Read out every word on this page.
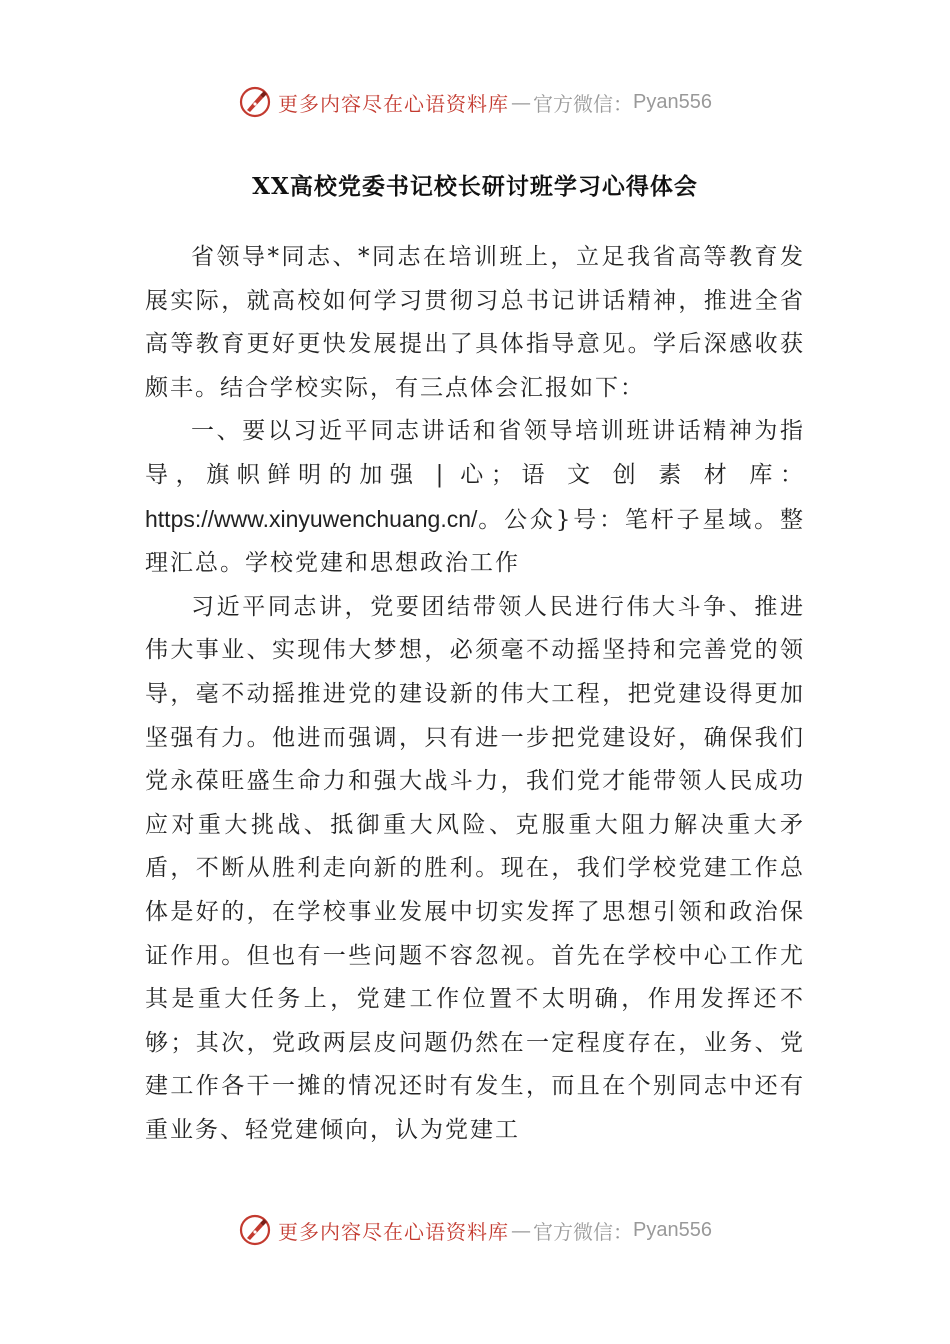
更多内容尽在心语资料库 — 官方微信： Pyan556
XX高校党委书记校长研讨班学习心得体会

省领导*同志、*同志在培训班上，立足我省高等教育发展实际，就高校如何学习贯彻习总书记讲话精神，推进全省高等教育更好更快发展提出了具体指导意见。学后深感收获颇丰。结合学校实际，有三点体会汇报如下：

一、要以习近平同志讲话和省领导培训班讲话精神为指导，旗帜鲜明的加强 | 心；语 文 创 素 材 库： https://www.xinyuwenchuang.cn/。公众}号：笔杆子星域。整理汇总。学校党建和思想政治工作

习近平同志讲，党要团结带领人民进行伟大斗争、推进伟大事业、实现伟大梦想，必须毫不动摇坚持和完善党的领导，毫不动摇推进党的建设新的伟大工程，把党建设得更加坚强有力。他进而强调，只有进一步把党建设好，确保我们党永葆旺盛生命力和强大战斗力，我们党才能带领人民成功应对重大挑战、抵御重大风险、克服重大阻力解决重大矛盾，不断从胜利走向新的胜利。现在，我们学校党建工作总体是好的，在学校事业发展中切实发挥了思想引领和政治保证作用。但也有一些问题不容忽视。首先在学校中心工作尤其是重大任务上，党建工作位置不太明确，作用发挥还不够；其次，党政两层皮问题仍然在一定程度存在，业务、党建工作各干一摊的情况还时有发生，而且在个别同志中还有重业务、轻党建倾向，认为党建工

更多内容尽在心语资料库 — 官方微信： Pyan556
